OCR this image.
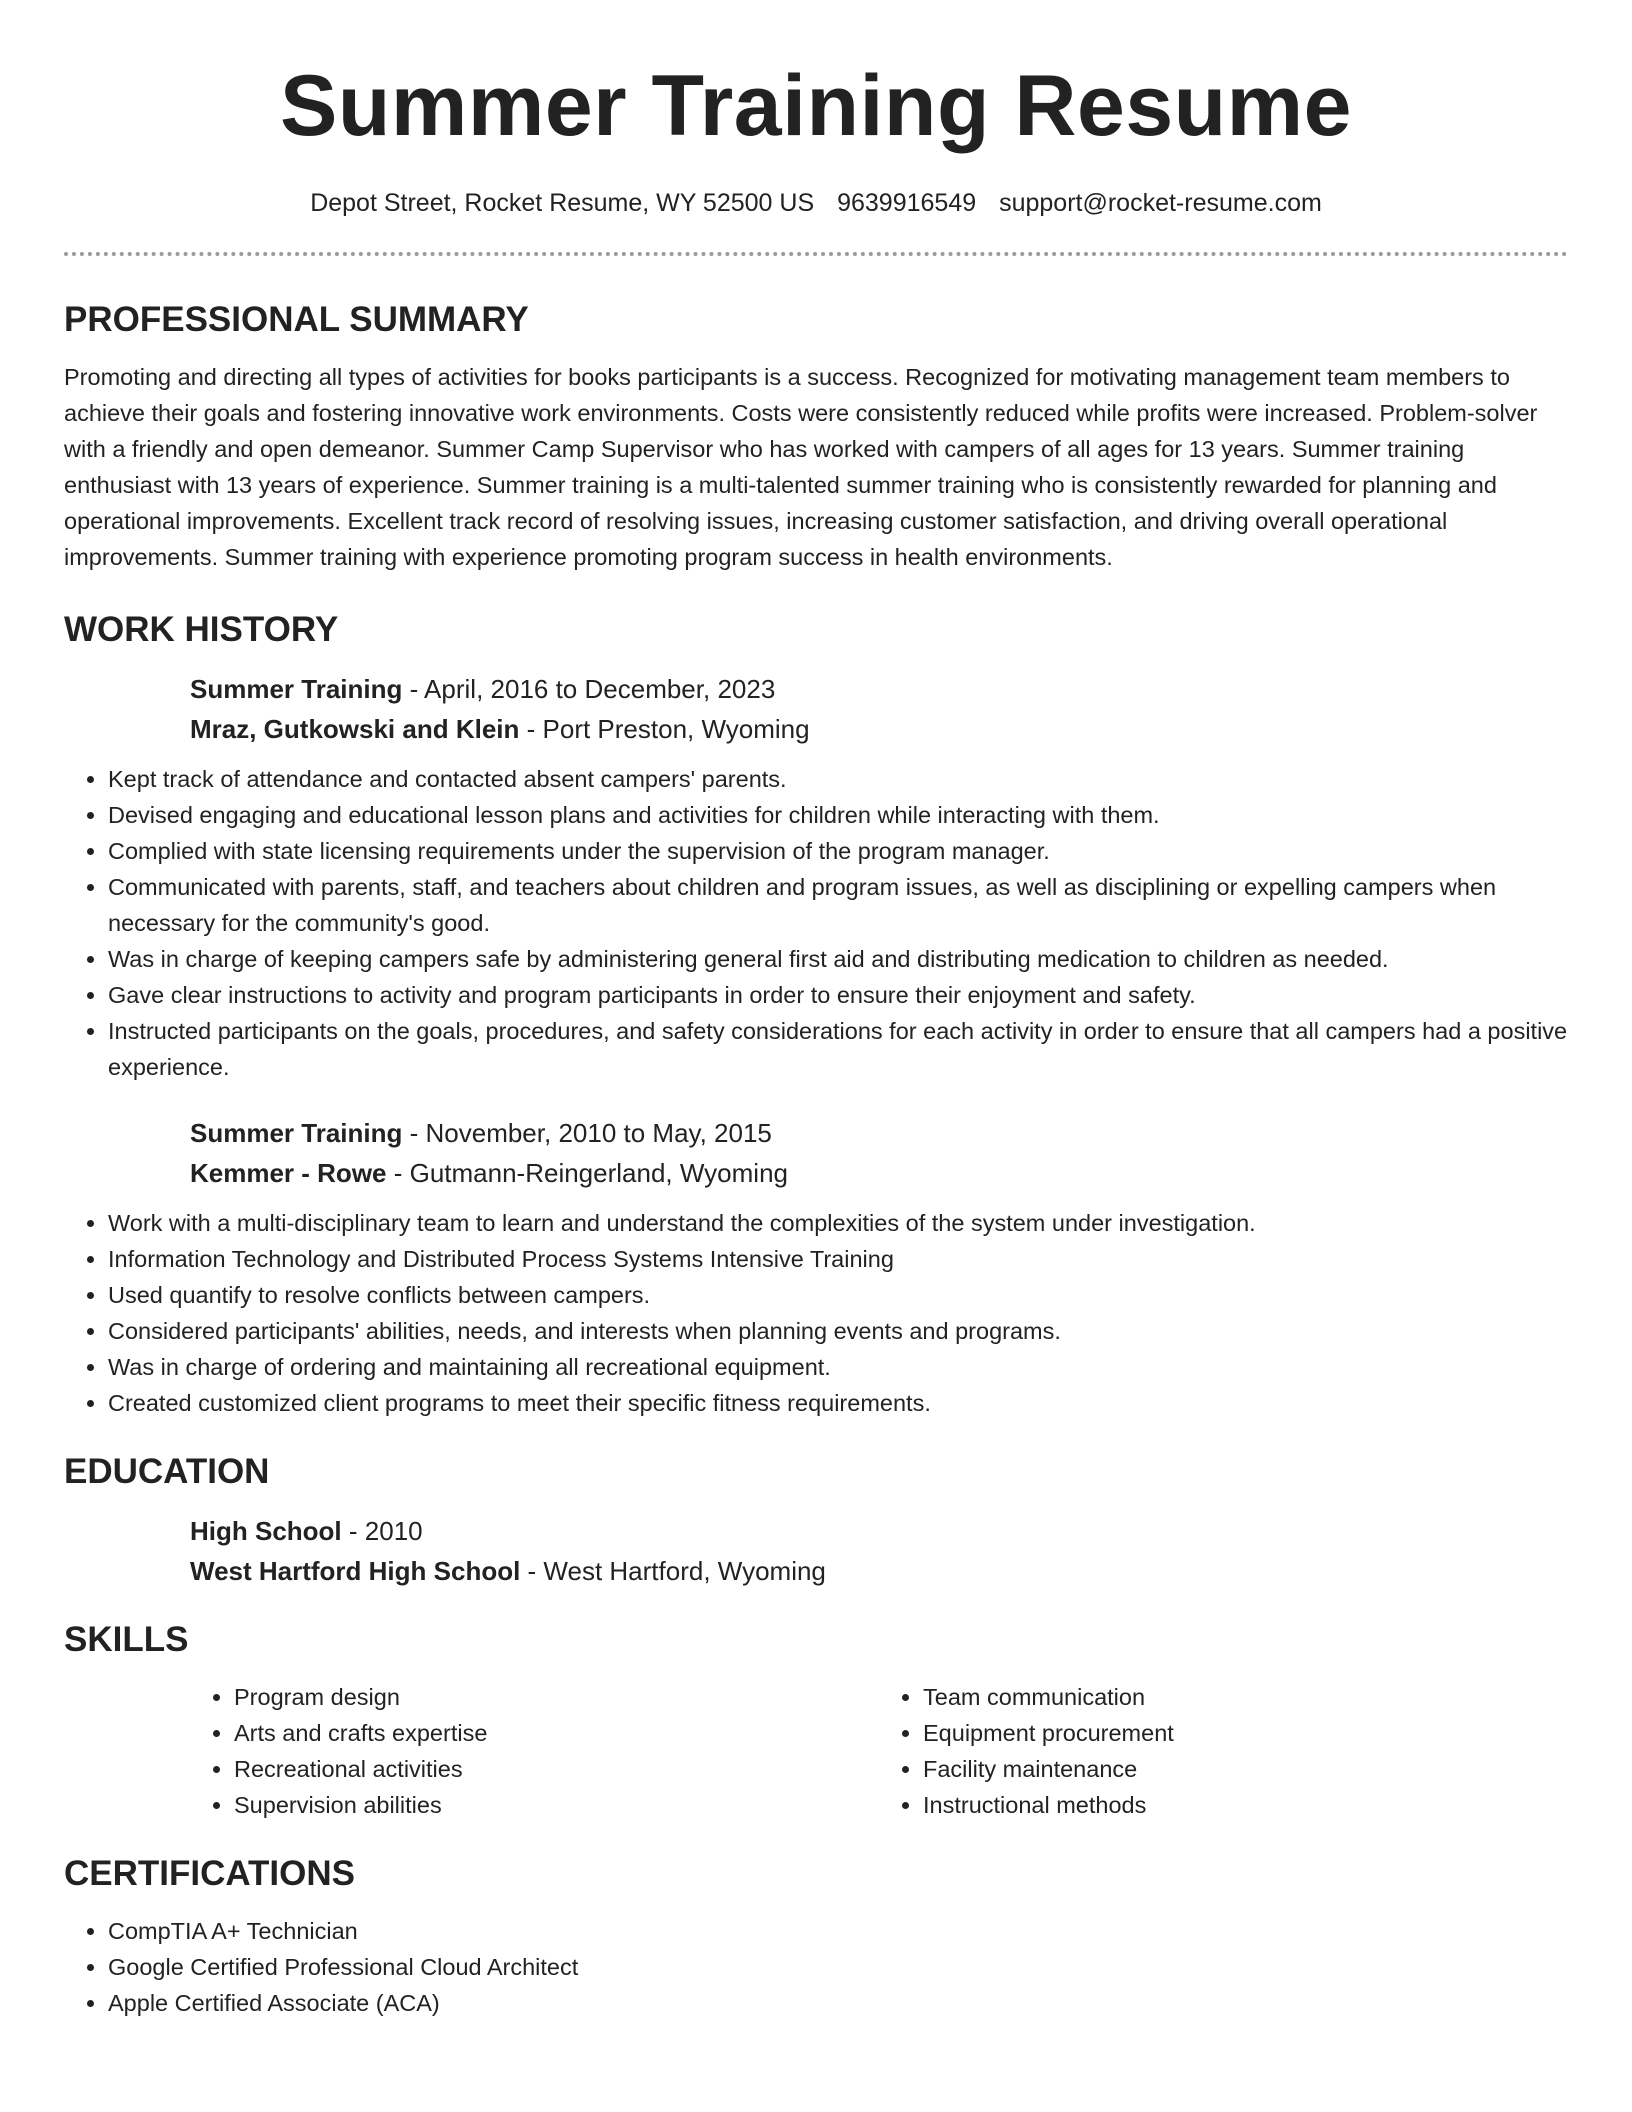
Summer Training Resume
Depot Street, Rocket Resume, WY 52500 US 9639916549 support@rocket-resume.com
PROFESSIONAL SUMMARY

Promoting and directing all types of activities for books participants is a success. Recognized for motivating management team members to achieve their goals and fostering innovative work environments. Costs were consistently reduced while profits were increased. Problem-solver with a friendly and open demeanor. Summer Camp Supervisor who has worked with campers of all ages for 13 years. Summer training enthusiast with 13 years of experience. Summer training is a multi-talented summer training who is consistently rewarded for planning and operational improvements. Excellent track record of resolving issues, increasing customer satisfaction, and driving overall operational improvements. Summer training with experience promoting program success in health environments.

WORK HISTORY
Summer Training - April, 2016 to December, 2023
Mraz, Gutkowski and Klein - Port Preston, Wyoming
• Kept track of attendance and contacted absent campers' parents.
• Devised engaging and educational lesson plans and activities for children while interacting with them.
• Complied with state licensing requirements under the supervision of the program manager.
• Communicated with parents, staff, and teachers about children and program issues, as well as disciplining or expelling campers when necessary for the community's good.
• Was in charge of keeping campers safe by administering general first aid and distributing medication to children as needed.
• Gave clear instructions to activity and program participants in order to ensure their enjoyment and safety.
• Instructed participants on the goals, procedures, and safety considerations for each activity in order to ensure that all campers had a positive experience.
Summer Training - November, 2010 to May, 2015
Kemmer - Rowe - Gutmann-Reingerland, Wyoming
• Work with a multi-disciplinary team to learn and understand the complexities of the system under investigation.
• Information Technology and Distributed Process Systems Intensive Training
• Used quantify to resolve conflicts between campers.
• Considered participants' abilities, needs, and interests when planning events and programs.
• Was in charge of ordering and maintaining all recreational equipment.
• Created customized client programs to meet their specific fitness requirements.
EDUCATION
High School - 2010
West Hartford High School - West Hartford, Wyoming
SKILLS
• Program design
• Arts and crafts expertise
• Recreational activities
• Supervision abilities
• Team communication
• Equipment procurement
• Facility maintenance
• Instructional methods
CERTIFICATIONS
• CompTIA A+ Technician
• Google Certified Professional Cloud Architect
• Apple Certified Associate (ACA)
